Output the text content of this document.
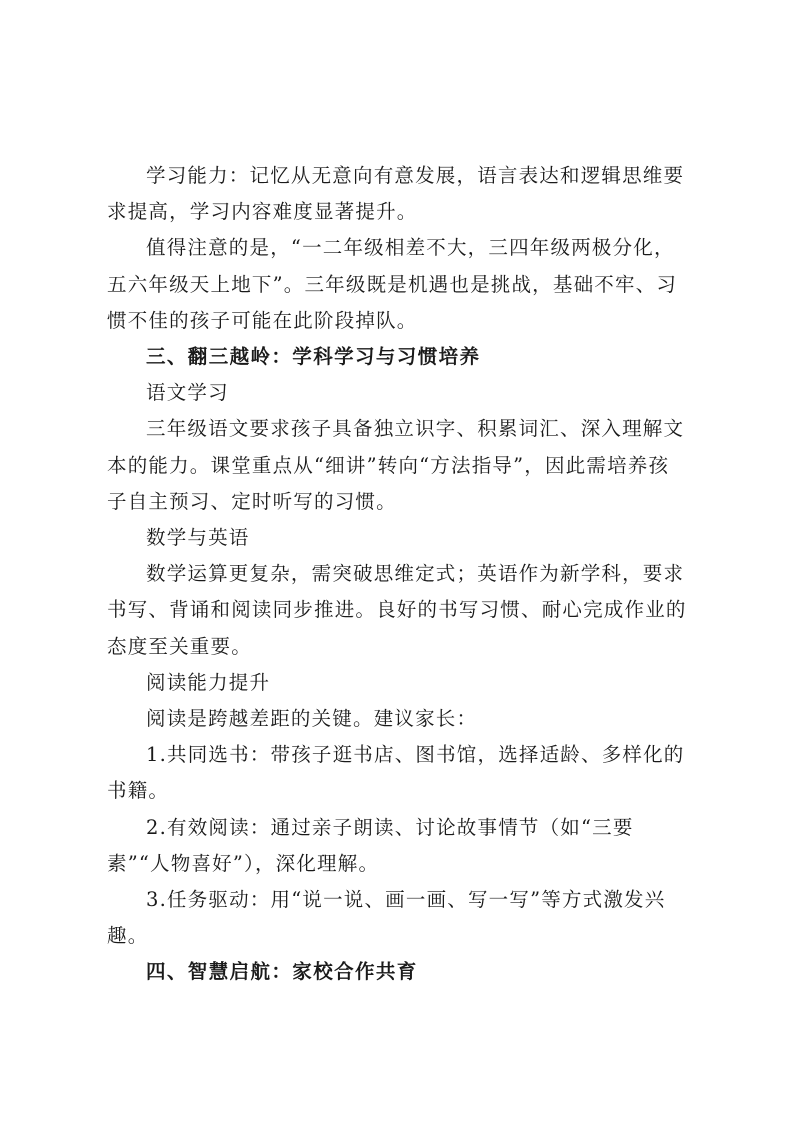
学习能力：记忆从无意向有意发展，语言表达和逻辑思维要求提高，学习内容难度显著提升。

值得注意的是，“一二年级相差不大，三四年级两极分化，五六年级天上地下”。三年级既是机遇也是挑战，基础不牢、习惯不佳的孩子可能在此阶段掉队。

三、翻三越岭：学科学习与习惯培养

语文学习

三年级语文要求孩子具备独立识字、积累词汇、深入理解文本的能力。课堂重点从“细讲”转向“方法指导”，因此需培养孩子自主预习、定时听写的习惯。

数学与英语

数学运算更复杂，需突破思维定式；英语作为新学科，要求书写、背诵和阅读同步推进。良好的书写习惯、耐心完成作业的态度至关重要。

阅读能力提升

阅读是跨越差距的关键。建议家长：

1.共同选书：带孩子逛书店、图书馆，选择适龄、多样化的书籍。

2.有效阅读：通过亲子朗读、讨论故事情节（如“三要素”“人物喜好”），深化理解。

3.任务驱动：用“说一说、画一画、写一写”等方式激发兴趣。

四、智慧启航：家校合作共育
